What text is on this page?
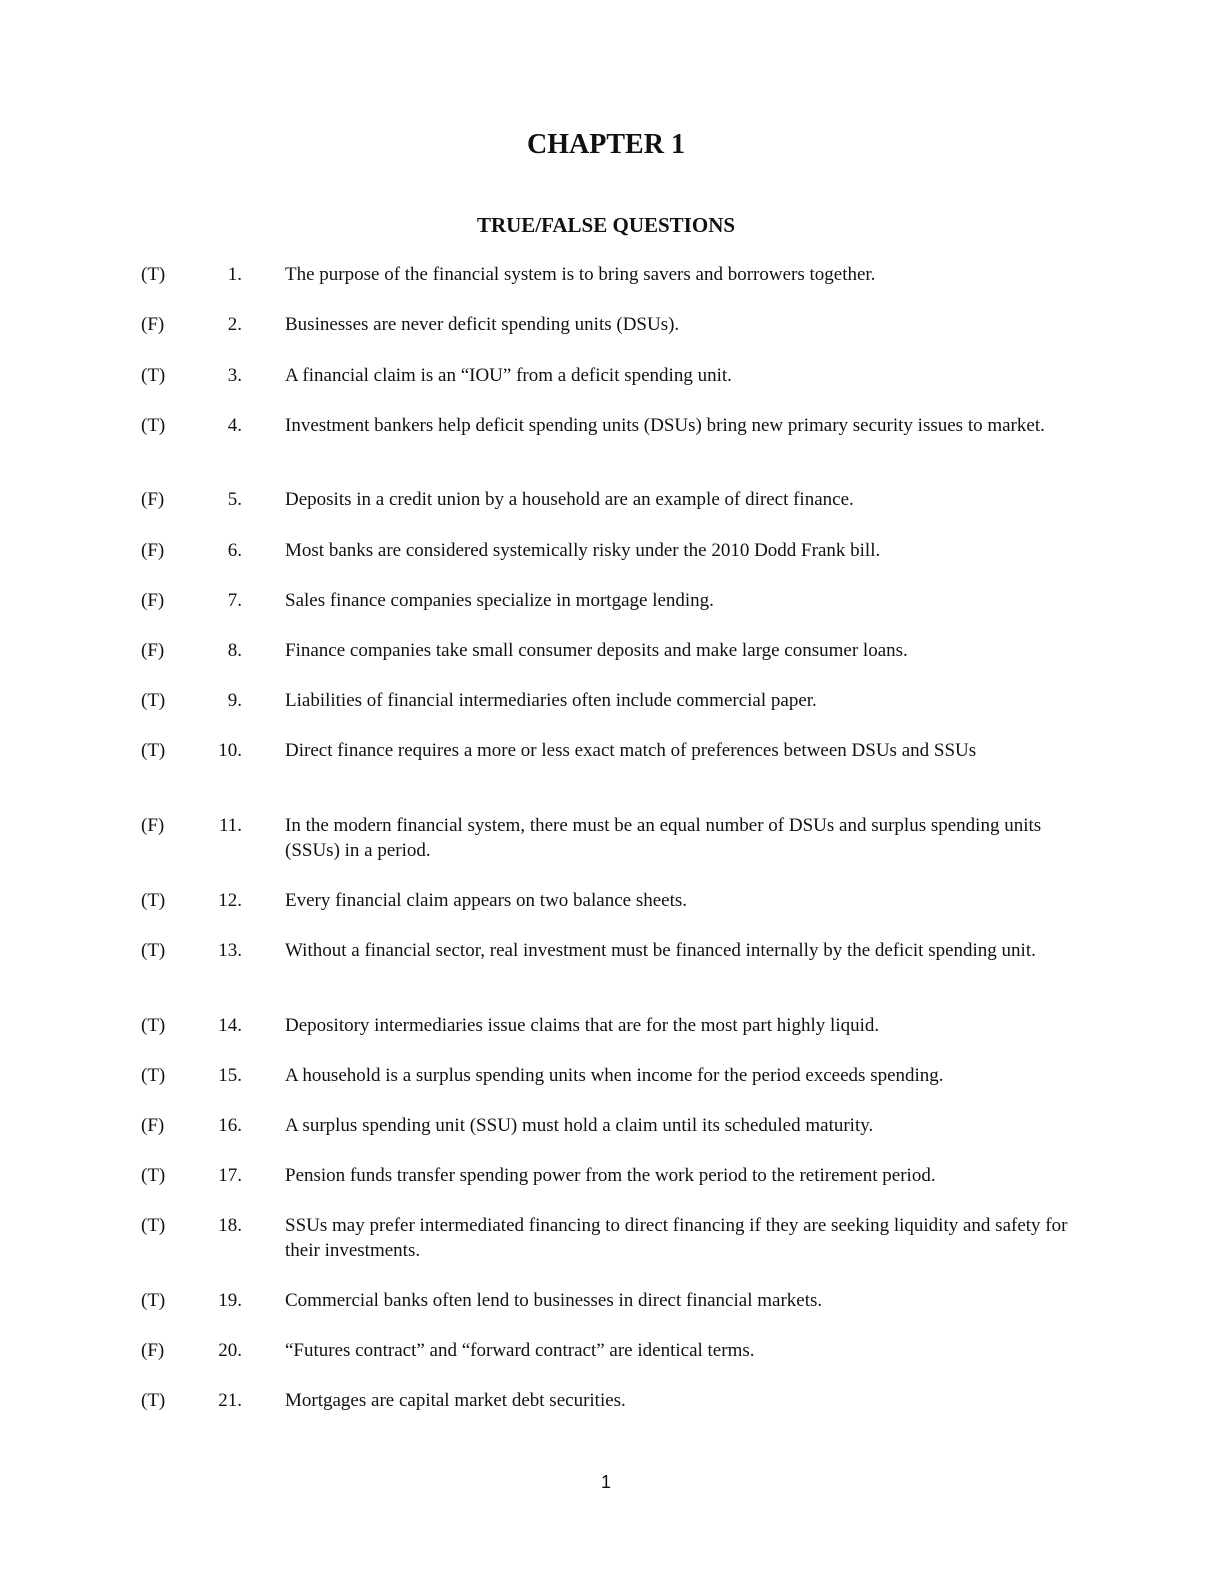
CHAPTER 1
TRUE/FALSE QUESTIONS
(T)	1. The purpose of the financial system is to bring savers and borrowers together.
(F)	2. Businesses are never deficit spending units (DSUs).
(T)	3. A financial claim is an “IOU” from a deficit spending unit.
(T)	4. Investment bankers help deficit spending units (DSUs) bring new primary security issues to market.
(F)	5. Deposits in a credit union by a household are an example of direct finance.
(F)	6. Most banks are considered systemically risky under the 2010 Dodd Frank bill.
(F)	7. Sales finance companies specialize in mortgage lending.
(F)	8. Finance companies take small consumer deposits and make large consumer loans.
(T)	9. Liabilities of financial intermediaries often include commercial paper.
(T)	10. Direct finance requires a more or less exact match of preferences between DSUs and SSUs
(F)	11. In the modern financial system, there must be an equal number of DSUs and surplus spending units (SSUs) in a period.
(T)	12. Every financial claim appears on two balance sheets.
(T)	13. Without a financial sector, real investment must be financed internally by the deficit spending unit.
(T)	14. Depository intermediaries issue claims that are for the most part highly liquid.
(T)	15. A household is a surplus spending units when income for the period exceeds spending.
(F)	16. A surplus spending unit (SSU) must hold a claim until its scheduled maturity.
(T)	17. Pension funds transfer spending power from the work period to the retirement period.
(T)	18. SSUs may prefer intermediated financing to direct financing if they are seeking liquidity and safety for their investments.
(T)	19. Commercial banks often lend to businesses in direct financial markets.
(F)	20. “Futures contract” and “forward contract” are identical terms.
(T)	21. Mortgages are capital market debt securities.
1
